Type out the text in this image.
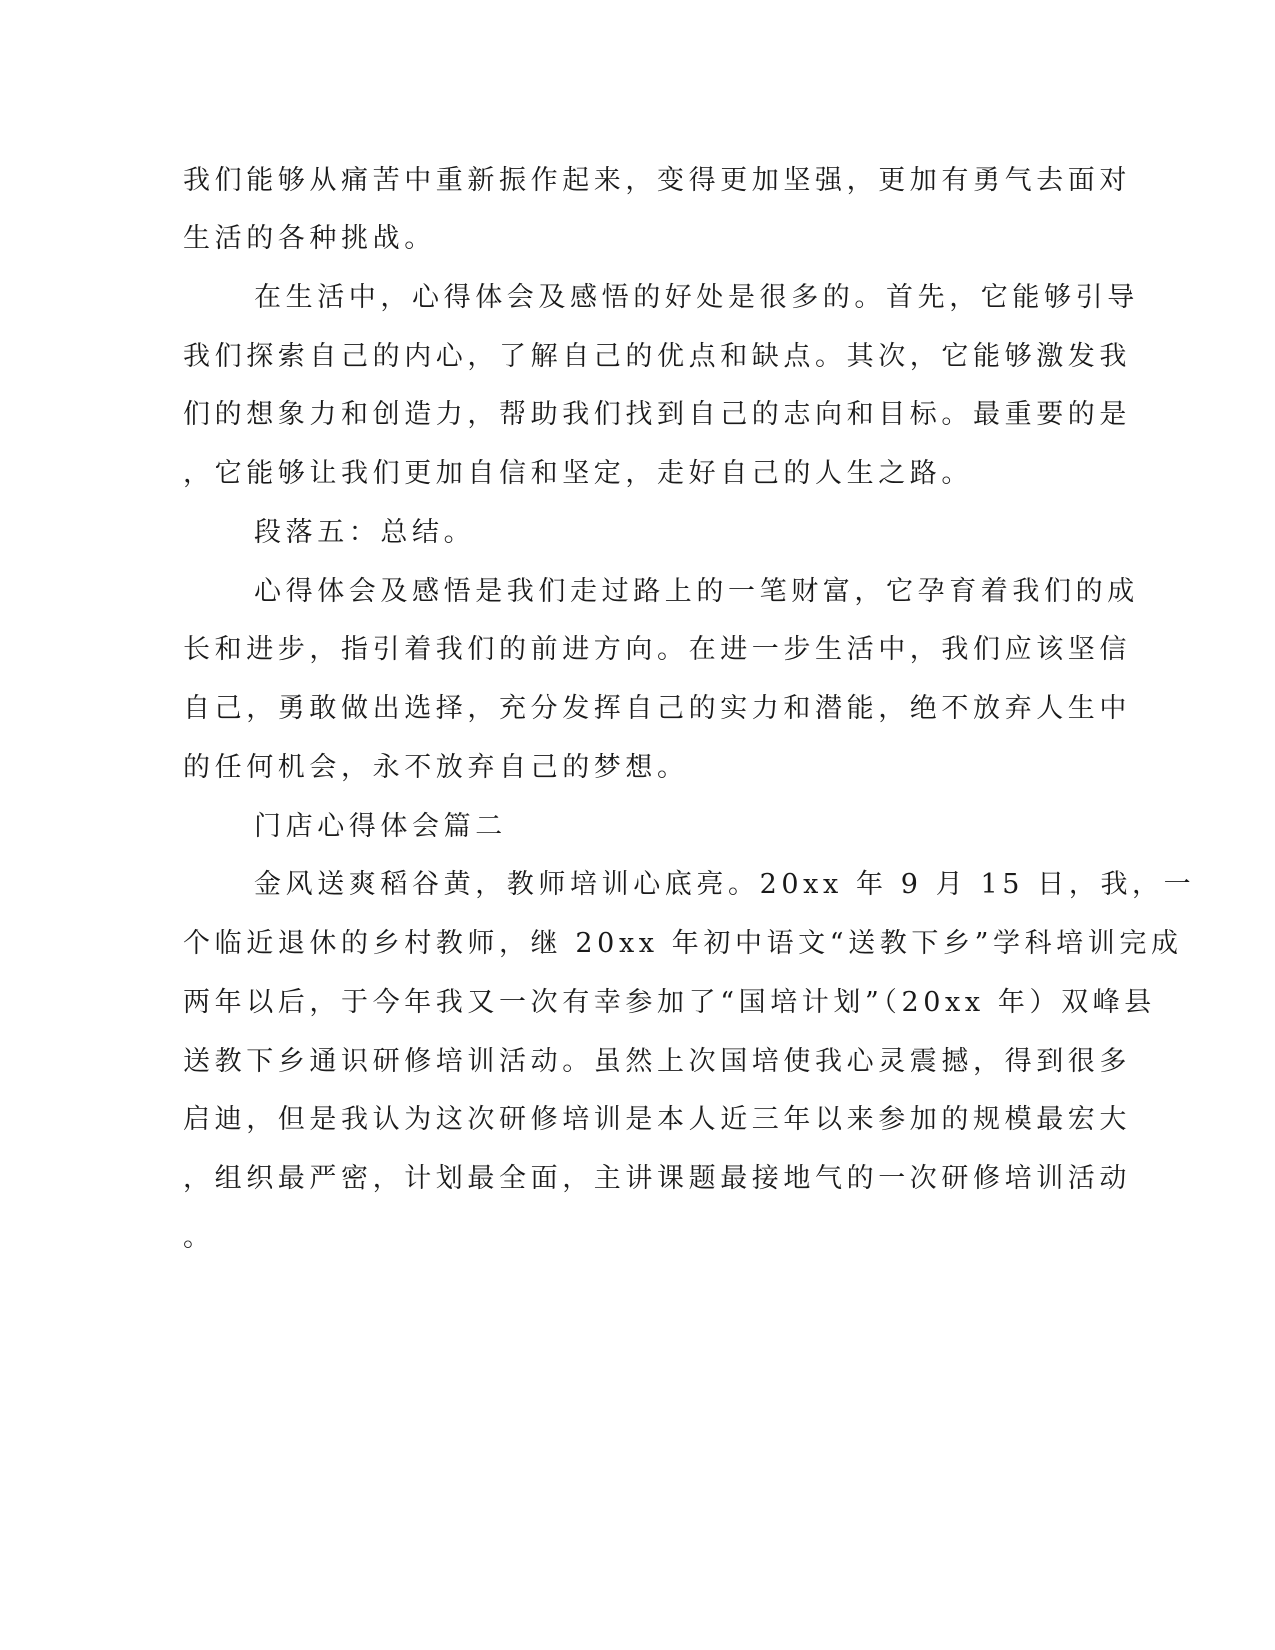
我们能够从痛苦中重新振作起来，变得更加坚强，更加有勇气去面对
生活的各种挑战。
在生活中，心得体会及感悟的好处是很多的。首先，它能够引导
我们探索自己的内心，了解自己的优点和缺点。其次，它能够激发我
们的想象力和创造力，帮助我们找到自己的志向和目标。最重要的是
，它能够让我们更加自信和坚定，走好自己的人生之路。
段落五：总结。
心得体会及感悟是我们走过路上的一笔财富，它孕育着我们的成
长和进步，指引着我们的前进方向。在进一步生活中，我们应该坚信
自己，勇敢做出选择，充分发挥自己的实力和潜能，绝不放弃人生中
的任何机会，永不放弃自己的梦想。
门店心得体会篇二
金风送爽稻谷黄，教师培训心底亮。20xx 年 9 月 15 日，我，一
个临近退休的乡村教师，继 20xx 年初中语文“送教下乡”学科培训完成
两年以后，于今年我又一次有幸参加了“国培计划”（20xx 年）双峰县
送教下乡通识研修培训活动。虽然上次国培使我心灵震撼，得到很多
启迪，但是我认为这次研修培训是本人近三年以来参加的规模最宏大
，组织最严密，计划最全面，主讲课题最接地气的一次研修培训活动
。
